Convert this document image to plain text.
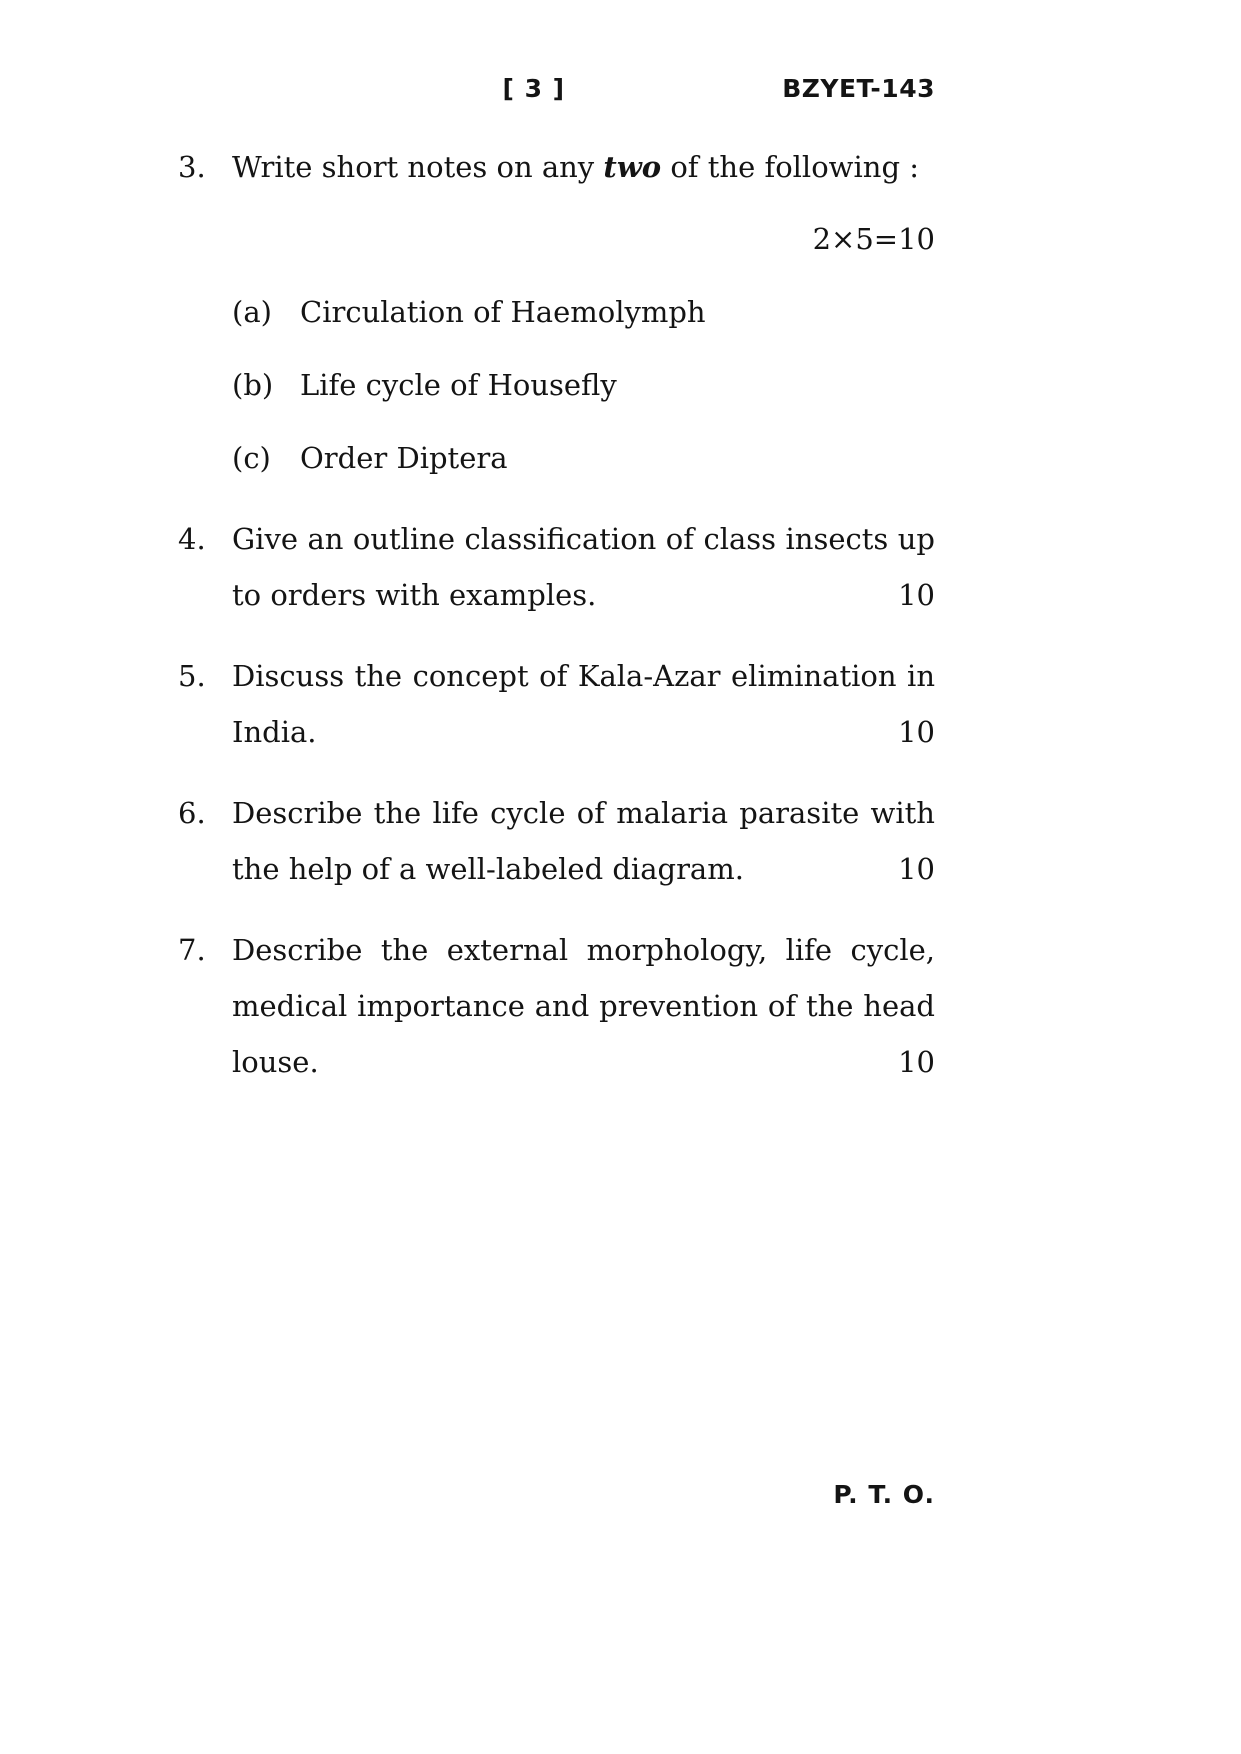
[ 3 ]	BZYET-143
3. Write short notes on any two of the following :
2×5=10
(a) Circulation of Haemolymph
(b) Life cycle of Housefly
(c)	Order Diptera
4. Give an outline classification of class insects up to orders with examples.	10
5. Discuss the concept of Kala-Azar elimination in India.	10
6. Describe the life cycle of malaria parasite with the help of a well-labeled diagram.	10
7. Describe the external morphology, life cycle, medical importance and prevention of the head louse.	10
P. T. O.
